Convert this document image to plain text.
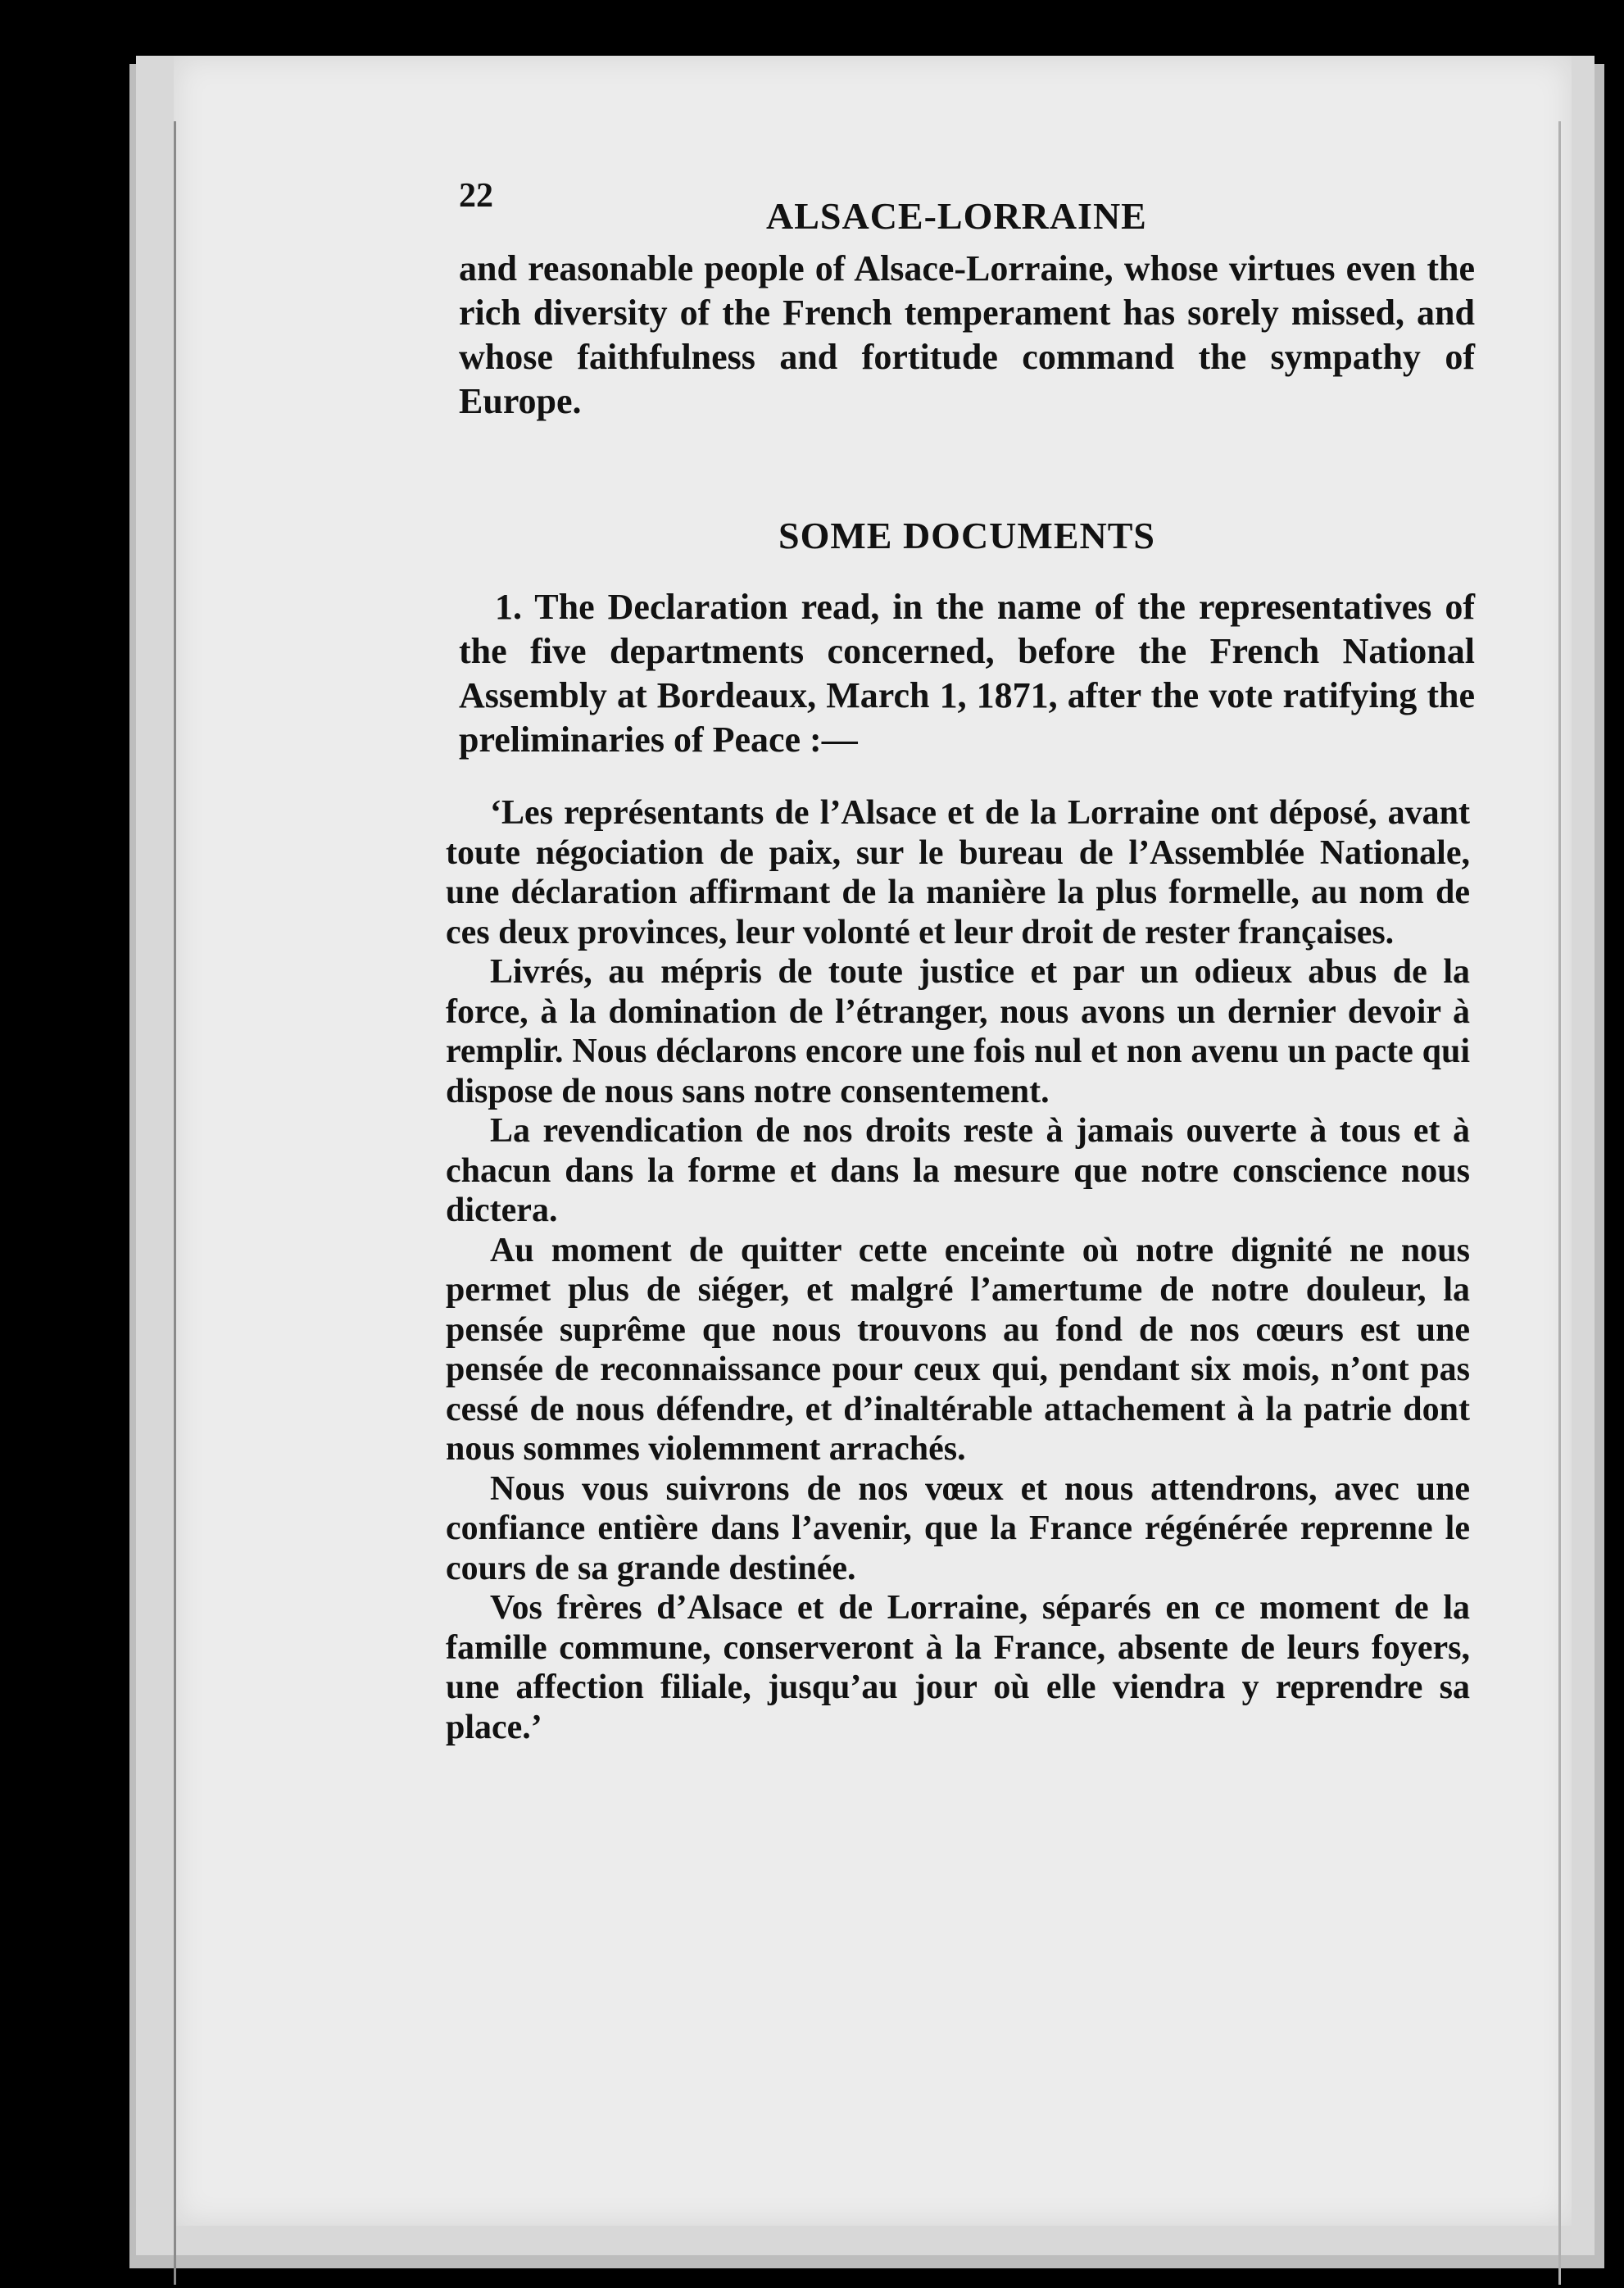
22	ALSACE-LORRAINE

and reasonable people of Alsace-Lorraine, whose virtues even the rich diversity of the French temperament has sorely missed, and whose faithfulness and fortitude command the sympathy of Europe.

SOME DOCUMENTS

1. The Declaration read, in the name of the representatives of the five departments concerned, before the French National Assembly at Bordeaux, March 1, 1871, after the vote ratifying the preliminaries of Peace :—

‘Les représentants de l’Alsace et de la Lorraine ont déposé, avant toute négociation de paix, sur le bureau de l’Assemblée Nationale, une déclaration affirmant de la manière la plus formelle, au nom de ces deux provinces, leur volonté et leur droit de rester françaises.

Livrés, au mépris de toute justice et par un odieux abus de la force, à la domination de l’étranger, nous avons un dernier devoir à remplir. Nous déclarons encore une fois nul et non avenu un pacte qui dispose de nous sans notre consentement.

La revendication de nos droits reste à jamais ouverte à tous et à chacun dans la forme et dans la mesure que notre conscience nous dictera.

Au moment de quitter cette enceinte où notre dignité ne nous permet plus de siéger, et malgré l’amertume de notre douleur, la pensée suprême que nous trouvons au fond de nos cœurs est une pensée de reconnaissance pour ceux qui, pendant six mois, n’ont pas cessé de nous défendre, et d’inaltérable attachement à la patrie dont nous sommes violemment arrachés.

Nous vous suivrons de nos vœux et nous attendrons, avec une confiance entière dans l’avenir, que la France régénérée reprenne le cours de sa grande destinée.

Vos frères d’Alsace et de Lorraine, séparés en ce moment de la famille commune, conserveront à la France, absente de leurs foyers, une affection filiale, jusqu’au jour où elle viendra y reprendre sa place.’
